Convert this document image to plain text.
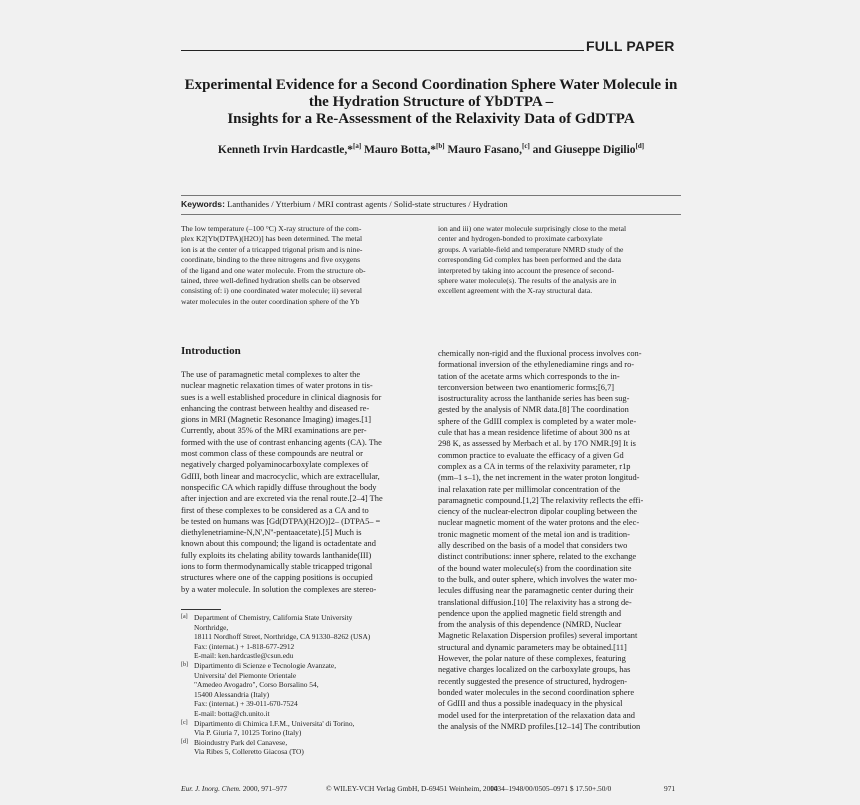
FULL PAPER
Experimental Evidence for a Second Coordination Sphere Water Molecule in
the Hydration Structure of YbDTPA –
Insights for a Re-Assessment of the Relaxivity Data of GdDTPA
Kenneth Irvin Hardcastle,*[a] Mauro Botta,*[b] Mauro Fasano,[c] and Giuseppe Digilio[d]
Keywords: Lanthanides / Ytterbium / MRI contrast agents / Solid-state structures / Hydration
The low temperature (–100 °C) X-ray structure of the com-
plex K2[Yb(DTPA)(H2O)] has been determined. The metal
ion is at the center of a tricapped trigonal prism and is nine-
coordinate, binding to the three nitrogens and five oxygens
of the ligand and one water molecule. From the structure ob-
tained, three well-defined hydration shells can be observed
consisting of: i) one coordinated water molecule; ii) several
water molecules in the outer coordination sphere of the Yb
ion and iii) one water molecule surprisingly close to the metal
center and hydrogen-bonded to proximate carboxylate
groups. A variable-field and temperature NMRD study of the
corresponding Gd complex has been performed and the data
interpreted by taking into account the presence of second-
sphere water molecule(s). The results of the analysis are in
excellent agreement with the X-ray structural data.
Introduction
The use of paramagnetic metal complexes to alter the
nuclear magnetic relaxation times of water protons in tis-
sues is a well established procedure in clinical diagnosis for
enhancing the contrast between healthy and diseased re-
gions in MRI (Magnetic Resonance Imaging) images.[1]
Currently, about 35% of the MRI examinations are per-
formed with the use of contrast enhancing agents (CA). The
most common class of these compounds are neutral or
negatively charged polyaminocarboxylate complexes of
GdIII, both linear and macrocyclic, which are extracellular,
nonspecific CA which rapidly diffuse throughout the body
after injection and are excreted via the renal route.[2–4] The
first of these complexes to be considered as a CA and to
be tested on humans was [Gd(DTPA)(H2O)]2– (DTPA5– =
diethylenetriamine-N,N',N''-pentaacetate).[5] Much is
known about this compound; the ligand is octadentate and
fully exploits its chelating ability towards lanthanide(III)
ions to form thermodynamically stable tricapped trigonal
structures where one of the capping positions is occupied
by a water molecule. In solution the complexes are stereo-
chemically non-rigid and the fluxional process involves con-
formational inversion of the ethylenediamine rings and ro-
tation of the acetate arms which corresponds to the in-
terconversion between two enantiomeric forms;[6,7]
isostructurality across the lanthanide series has been sug-
gested by the analysis of NMR data.[8] The coordination
sphere of the GdIII complex is completed by a water mole-
cule that has a mean residence lifetime of about 300 ns at
298 K, as assessed by Merbach et al. by 17O NMR.[9] It is
common practice to evaluate the efficacy of a given Gd
complex as a CA in terms of the relaxivity parameter, r1p
(mm–1 s–1), the net increment in the water proton longitud-
inal relaxation rate per millimolar concentration of the
paramagnetic compound.[1,2] The relaxivity reflects the effi-
ciency of the nuclear-electron dipolar coupling between the
nuclear magnetic moment of the water protons and the elec-
tronic magnetic moment of the metal ion and is tradition-
ally described on the basis of a model that considers two
distinct contributions: inner sphere, related to the exchange
of the bound water molecule(s) from the coordination site
to the bulk, and outer sphere, which involves the water mo-
lecules diffusing near the paramagnetic center during their
translational diffusion.[10] The relaxivity has a strong de-
pendence upon the applied magnetic field strength and
from the analysis of this dependence (NMRD, Nuclear
Magnetic Relaxation Dispersion profiles) several important
structural and dynamic parameters may be obtained.[11]
However, the polar nature of these complexes, featuring
negative charges localized on the carboxylate groups, has
recently suggested the presence of structured, hydrogen-
bonded water molecules in the second coordination sphere
of GdIII and thus a possible inadequacy in the physical
model used for the interpretation of the relaxation data and
the analysis of the NMRD profiles.[12–14] The contribution
[a] Department of Chemistry, California State University
Northridge,
18111 Nordhoff Street, Northridge, CA 91330–8262 (USA)
Fax: (internat.) + 1-818-677-2912
E-mail: ken.hardcastle@csun.edu
[b] Dipartimento di Scienze e Tecnologie Avanzate,
Universita' del Piemonte Orientale
"Amedeo Avogadro", Corso Borsalino 54,
15400 Alessandria (Italy)
Fax: (internat.) + 39-011-670-7524
E-mail: botta@ch.unito.it
[c] Dipartimento di Chimica I.F.M., Universita' di Torino,
Via P. Giuria 7, 10125 Torino (Italy)
[d] Bioindustry Park del Canavese,
Via Ribes 5, Colleretto Giacosa (TO)
Eur. J. Inorg. Chem. 2000, 971–977	© WILEY-VCH Verlag GmbH, D-69451 Weinheim, 2000
1434–1948/00/0505–0971 $ 17.50+.50/0	971
